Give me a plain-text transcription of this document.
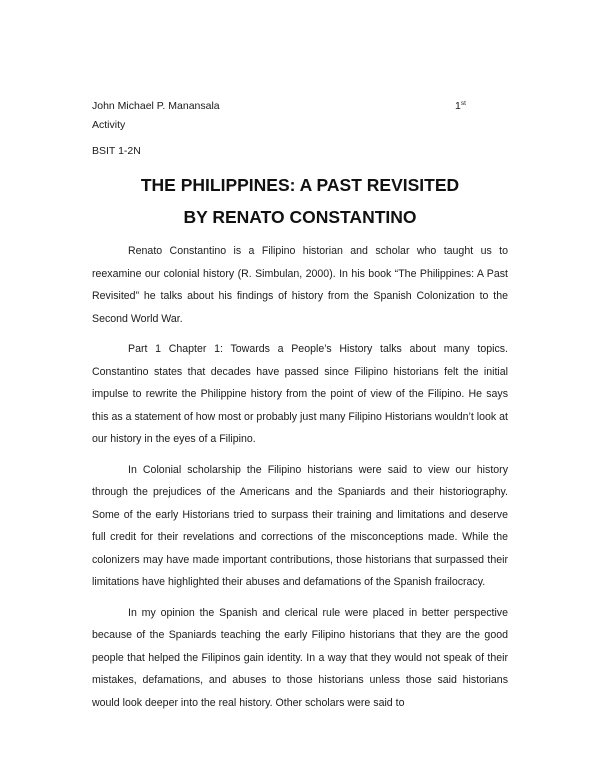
John Michael P. Manansala	1st
Activity
BSIT 1-2N
THE PHILIPPINES: A PAST REVISITED
BY RENATO CONSTANTINO

Renato Constantino is a Filipino historian and scholar who taught us to reexamine our colonial history (R. Simbulan, 2000). In his book “The Philippines: A Past Revisited” he talks about his findings of history from the Spanish Colonization to the Second World War.

Part 1 Chapter 1: Towards a People’s History talks about many topics. Constantino states that decades have passed since Filipino historians felt the initial impulse to rewrite the Philippine history from the point of view of the Filipino. He says this as a statement of how most or probably just many Filipino Historians wouldn’t look at our history in the eyes of a Filipino.

In Colonial scholarship the Filipino historians were said to view our history through the prejudices of the Americans and the Spaniards and their historiography. Some of the early Historians tried to surpass their training and limitations and deserve full credit for their revelations and corrections of the misconceptions made. While the colonizers may have made important contributions, those historians that surpassed their limitations have highlighted their abuses and defamations of the Spanish frailocracy.

In my opinion the Spanish and clerical rule were placed in better perspective because of the Spaniards teaching the early Filipino historians that they are the good people that helped the Filipinos gain identity. In a way that they would not speak of their mistakes, defamations, and abuses to those historians unless those said historians would look deeper into the real history. Other scholars were said to
